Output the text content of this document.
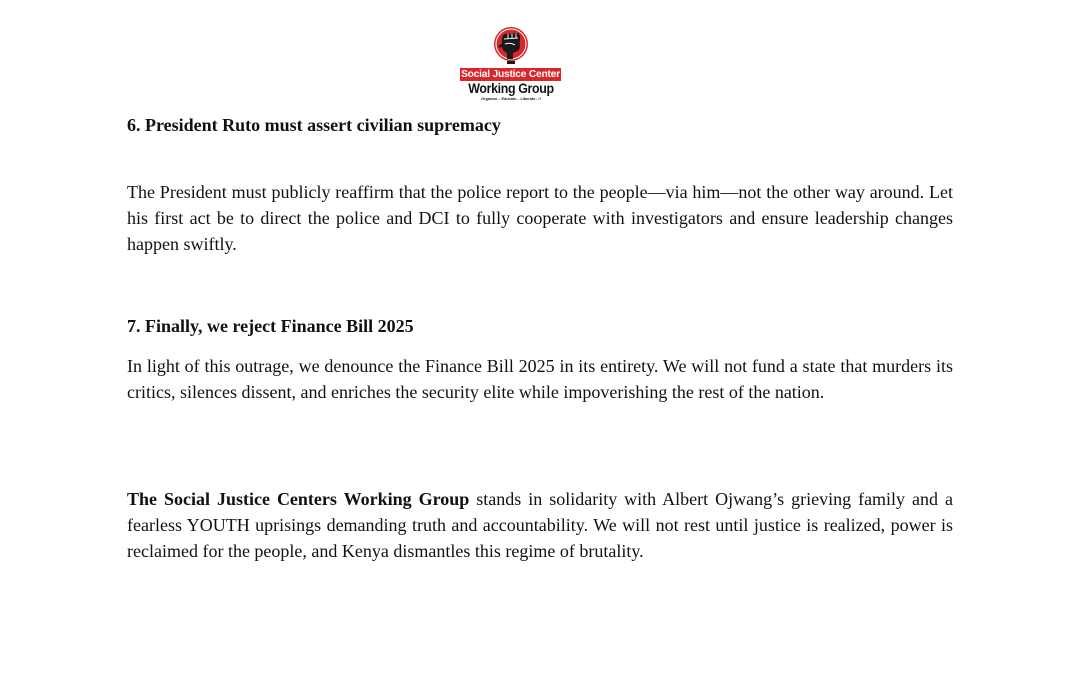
Social Justice Center
Working Group
Organize... Educate... Liberate...!!
6. President Ruto must assert civilian supremacy
The President must publicly reaffirm that the police report to the people—via him—not the other way around. Let his first act be to direct the police and DCI to fully cooperate with investigators and ensure leadership changes happen swiftly.
7. Finally, we reject Finance Bill 2025
In light of this outrage, we denounce the Finance Bill 2025 in its entirety. We will not fund a state that murders its critics, silences dissent, and enriches the security elite while impoverishing the rest of the nation.
The Social Justice Centers Working Group stands in solidarity with Albert Ojwang’s grieving family and a fearless YOUTH uprisings demanding truth and accountability. We will not rest until justice is realized, power is reclaimed for the people, and Kenya dismantles this regime of brutality.
